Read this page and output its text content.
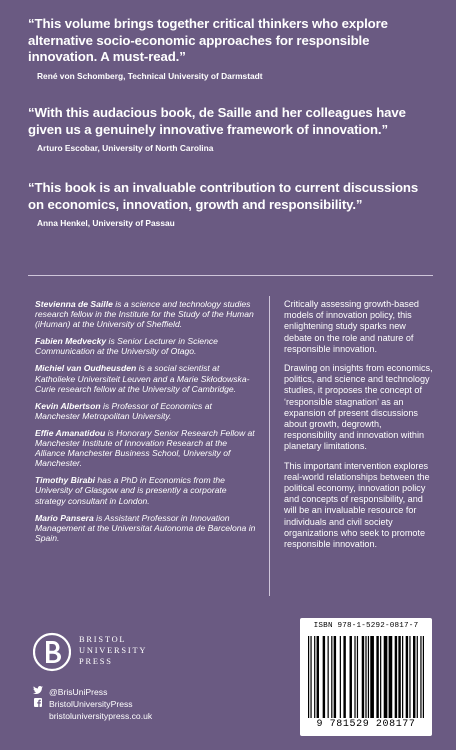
“This volume brings together critical thinkers who explore alternative socio-economic approaches for responsible innovation. A must-read.”

René von Schomberg, Technical University of Darmstadt

“With this audacious book, de Saille and her colleagues have given us a genuinely innovative framework of innovation.”

Arturo Escobar, University of North Carolina

“This book is an invaluable contribution to current discussions on economics, innovation, growth and responsibility.”

Anna Henkel, University of Passau

Stevienna de Saille is a science and technology studies research fellow in the Institute for the Study of the Human (iHuman) at the University of Sheffield.

Fabien Medvecky is Senior Lecturer in Science Communication at the University of Otago.

Michiel van Oudheusden is a social scientist at Katholieke Universiteit Leuven and a Marie Skłodowska-Curie research fellow at the University of Cambridge.

Kevin Albertson is Professor of Economics at Manchester Metropolitan University.

Effie Amanatidou is Honorary Senior Research Fellow at Manchester Institute of Innovation Research at the Alliance Manchester Business School, University of Manchester.

Timothy Birabi has a PhD in Economics from the University of Glasgow and is presently a corporate strategy consultant in London.

Mario Pansera is Assistant Professor in Innovation Management at the Universitat Autonoma de Barcelona in Spain.

Critically assessing growth-based models of innovation policy, this enlightening study sparks new debate on the role and nature of responsible innovation.

Drawing on insights from economics, politics, and science and technology studies, it proposes the concept of ‘responsible stagnation’ as an expansion of present discussions about growth, degrowth, responsibility and innovation within planetary limitations.

This important intervention explores real-world relationships between the political economy, innovation policy and concepts of responsibility, and will be an invaluable resource for individuals and civil society organizations who seek to promote responsible innovation.

BRISTOL
UNIVERSITY
PRESS
@BrisUniPress
BristolUniversityPress
bristoluniversitypress.co.uk
ISBN 978-1-5292-0817-7
9 781529 208177
